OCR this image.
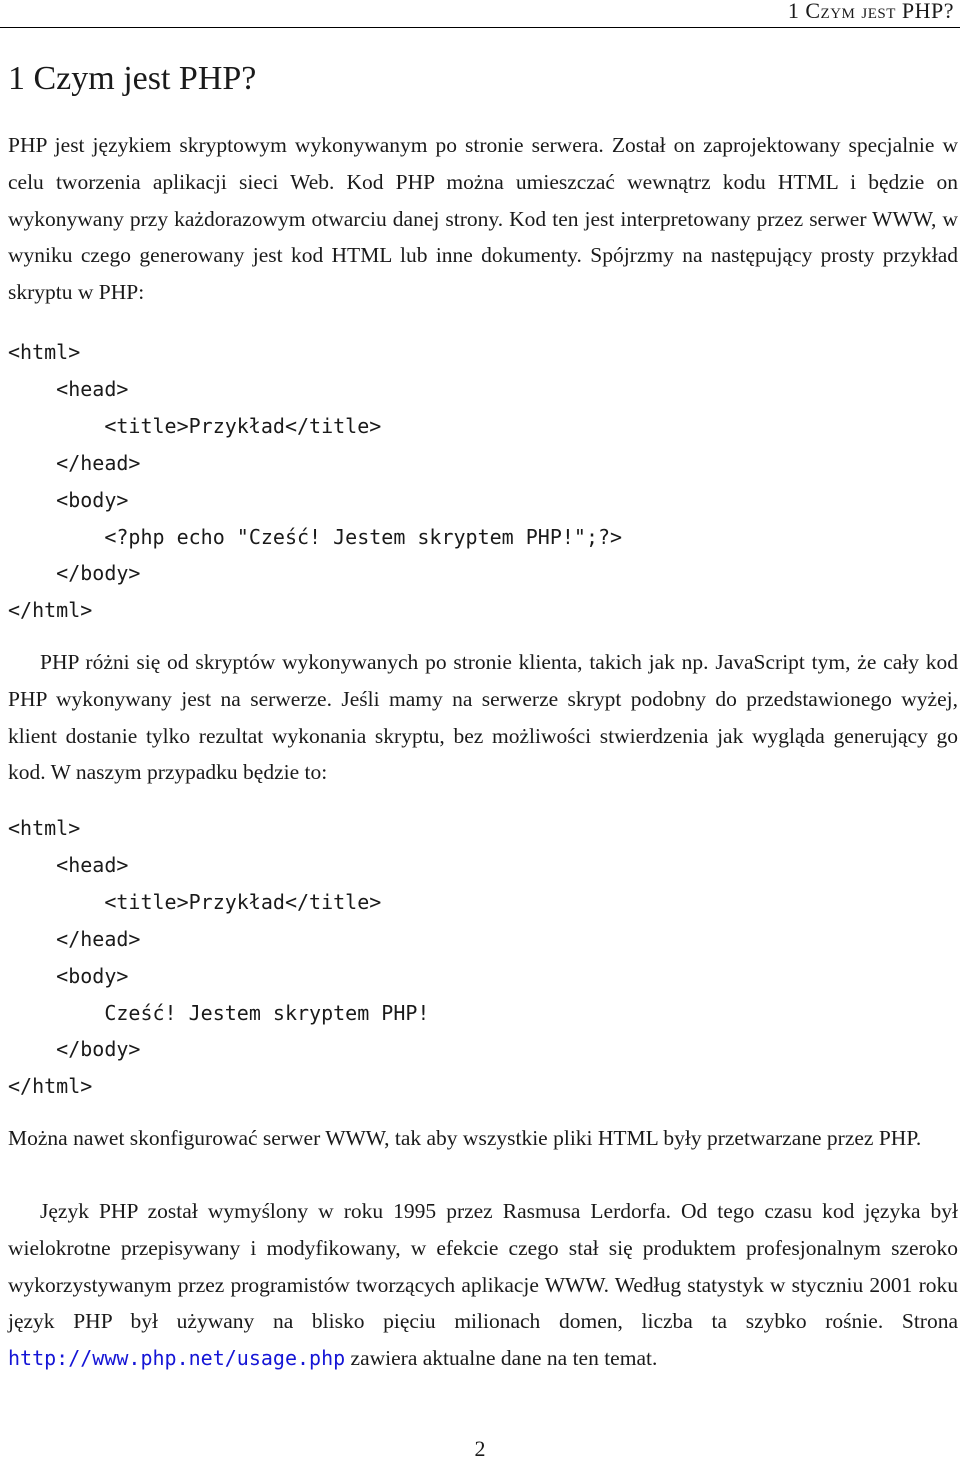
1 Czym jest PHP?
1 Czym jest PHP?

PHP jest językiem skryptowym wykonywanym po stronie serwera. Został on zaprojektowany specjalnie w celu tworzenia aplikacji sieci Web. Kod PHP można umieszczać wewnątrz kodu HTML i będzie on wykonywany przy każdorazowym otwarciu danej strony. Kod ten jest interpretowany przez serwer WWW, w wyniku czego generowany jest kod HTML lub inne dokumenty. Spójrzmy na następujący prosty przykład skryptu w PHP:

<html>
<head>
<title>Przykład</title>
</head>
<body>
<?php echo "Cześć! Jestem skryptem PHP!";?>
</body>
</html>

PHP różni się od skryptów wykonywanych po stronie klienta, takich jak np. JavaScript tym, że cały kod PHP wykonywany jest na serwerze. Jeśli mamy na serwerze skrypt podobny do przedstawionego wyżej, klient dostanie tylko rezultat wykonania skryptu, bez możliwości stwierdzenia jak wygląda generujący go kod. W naszym przypadku będzie to:

<html>
<head>
<title>Przykład</title>
</head>
<body>
Cześć! Jestem skryptem PHP!
</body>
</html>

Można nawet skonfigurować serwer WWW, tak aby wszystkie pliki HTML były przetwarzane przez PHP.

Język PHP został wymyślony w roku 1995 przez Rasmusa Lerdorfa. Od tego czasu kod języka był wielokrotne przepisywany i modyfikowany, w efekcie czego stał się produktem profesjonalnym szeroko wykorzystywanym przez programistów tworzących aplikacje WWW. Według statystyk w styczniu 2001 roku język PHP był używany na blisko pięciu milionach domen, liczba ta szybko rośnie. Strona http://www.php.net/usage.php zawiera aktualne dane na ten temat.

2
